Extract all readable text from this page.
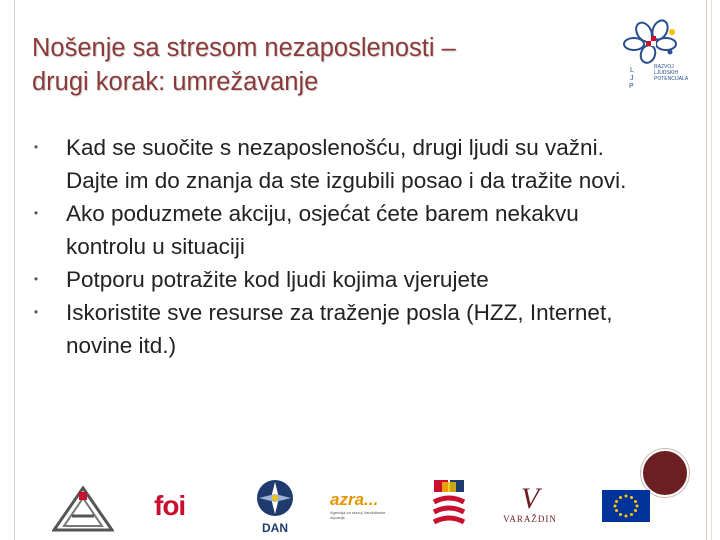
L
J
P
RAZVOJ
LJUDSKIH
POTENCIJALA
Nošenje sa stresom nezaposlenosti –
drugi korak: umrežavanje
• Kad se suočite s nezaposlenošću, drugi ljudi su važni. Dajte im do znanja da ste izgubili posao i da tražite novi.
• Ako poduzmete akciju, osjećat ćete barem nekakvu kontrolu u situaciji
• Potporu potražite kod ljudi kojima vjerujete
• Iskoristite sve resurse za traženje posla (HZZ, Internet, novine itd.)
foi
DAN
azra...
Agencija za razvoj Varaždinske županije
V
VARAŽDIN
